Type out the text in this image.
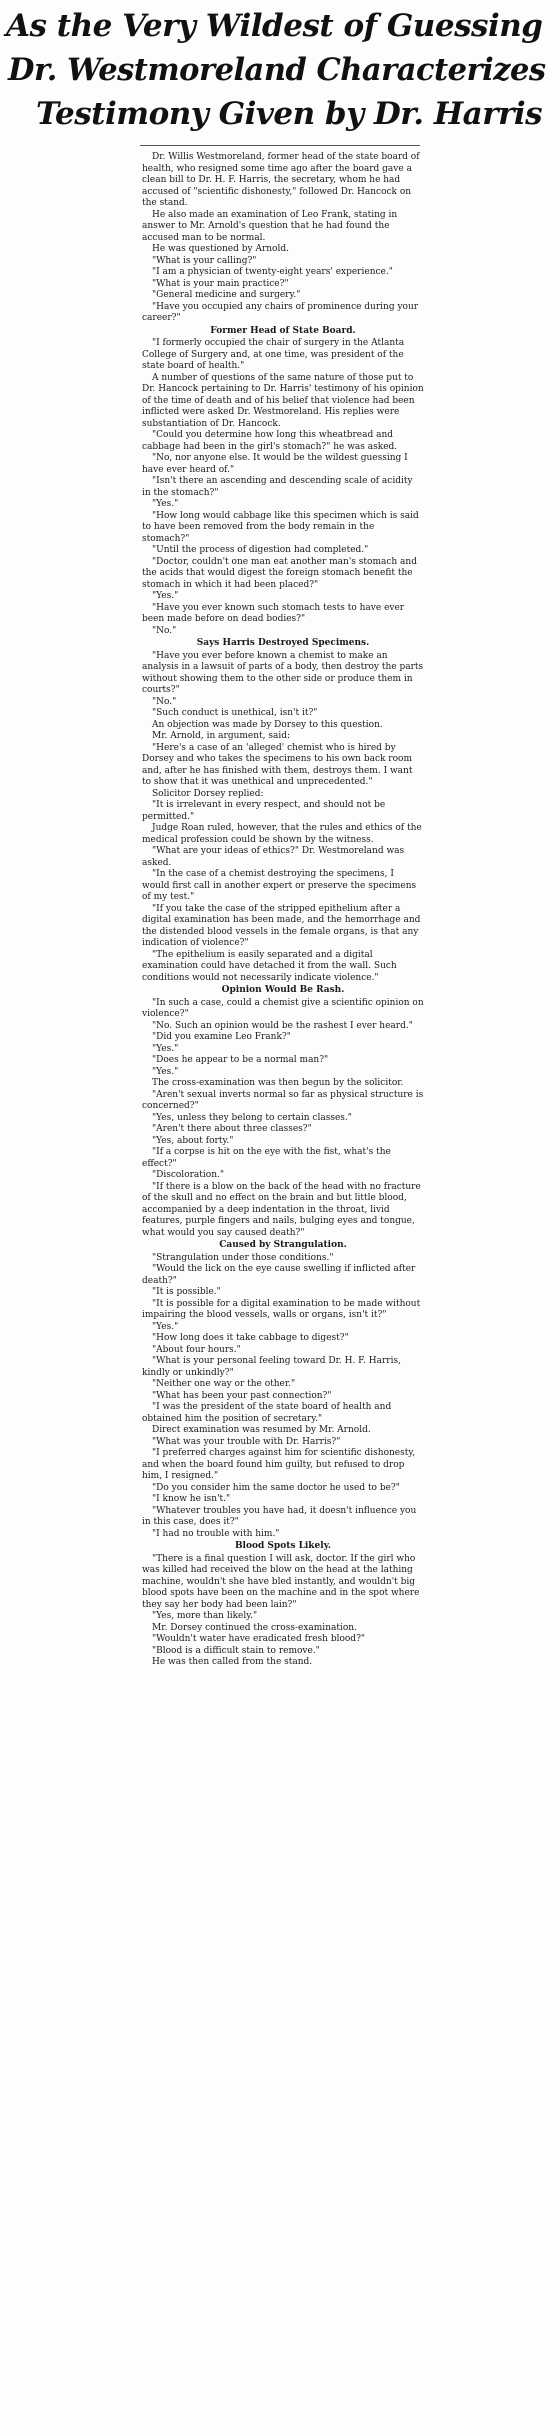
As the Very Wildest of Guessing
Dr. Westmoreland Characterizes
Testimony Given by Dr. Harris

Dr. Willis Westmoreland, former head of the state board of health, who resigned some time ago after the board gave a clean bill to Dr. H. F. Harris, the secretary, whom he had accused of "scientific dishonesty," followed Dr. Hancock on the stand.

He also made an examination of Leo Frank, stating in answer to Mr. Arnold's question that he had found the accused man to be normal.

He was questioned by Arnold.

"What is your calling?"

"I am a physician of twenty-eight years' experience."

"What is your main practice?"

"General medicine and surgery."

"Have you occupied any chairs of prominence during your career?"

Former Head of State Board.

"I formerly occupied the chair of surgery in the Atlanta College of Surgery and, at one time, was president of the state board of health."

A number of questions of the same nature of those put to Dr. Hancock pertaining to Dr. Harris' testimony of his opinion of the time of death and of his belief that violence had been inflicted were asked Dr. Westmoreland. His replies were substantiation of Dr. Hancock.

"Could you determine how long this wheatbread and cabbage had been in the girl's stomach?" he was asked.

"No, nor anyone else. It would be the wildest guessing I have ever heard of."

"Isn't there an ascending and descending scale of acidity in the stomach?"

"Yes."

"How long would cabbage like this specimen which is said to have been removed from the body remain in the stomach?"

"Until the process of digestion had completed."

"Doctor, couldn't one man eat another man's stomach and the acids that would digest the foreign stomach benefit the stomach in which it had been placed?"

"Yes."

"Have you ever known such stomach tests to have ever been made before on dead bodies?"

"No."

Says Harris Destroyed Specimens.

"Have you ever before known a chemist to make an analysis in a lawsuit of parts of a body, then destroy the parts without showing them to the other side or produce them in courts?"

"No."

"Such conduct is unethical, isn't it?"

An objection was made by Dorsey to this question.

Mr. Arnold, in argument, said:

"Here's a case of an 'alleged' chemist who is hired by Dorsey and who takes the specimens to his own back room and, after he has finished with them, destroys them. I want to show that it was unethical and unprecedented."

Solicitor Dorsey replied:

"It is irrelevant in every respect, and should not be permitted."

Judge Roan ruled, however, that the rules and ethics of the medical profession could be shown by the witness.

"What are your ideas of ethics?" Dr. Westmoreland was asked.

"In the case of a chemist destroying the specimens, I would first call in another expert or preserve the specimens of my test."

"If you take the case of the stripped epithelium after a digital examination has been made, and the hemorrhage and the distended blood vessels in the female organs, is that any indication of violence?"

"The epithelium is easily separated and a digital examination could have detached it from the wall. Such conditions would not necessarily indicate violence."

Opinion Would Be Rash.

"In such a case, could a chemist give a scientific opinion on violence?"

"No. Such an opinion would be the rashest I ever heard."

"Did you examine Leo Frank?"

"Yes."

"Does he appear to be a normal man?"

"Yes."

The cross-examination was then begun by the solicitor.

"Aren't sexual inverts normal so far as physical structure is concerned?"

"Yes, unless they belong to certain classes."

"Aren't there about three classes?"

"Yes, about forty."

"If a corpse is hit on the eye with the fist, what's the effect?"

"Discoloration."

"If there is a blow on the back of the head with no fracture of the skull and no effect on the brain and but little blood, accompanied by a deep indentation in the throat, livid features, purple fingers and nails, bulging eyes and tongue, what would you say caused death?"

Caused by Strangulation.

"Strangulation under those conditions."

"Would the lick on the eye cause swelling if inflicted after death?"

"It is possible."

"It is possible for a digital examination to be made without impairing the blood vessels, walls or organs, isn't it?"

"Yes."

"How long does it take cabbage to digest?"

"About four hours."

"What is your personal feeling toward Dr. H. F. Harris, kindly or unkindly?"

"Neither one way or the other."

"What has been your past connection?"

"I was the president of the state board of health and obtained him the position of secretary."

Direct examination was resumed by Mr. Arnold.

"What was your trouble with Dr. Harris?"

"I preferred charges against him for scientific dishonesty, and when the board found him guilty, but refused to drop him, I resigned."

"Do you consider him the same doctor he used to be?"

"I know he isn't."

"Whatever troubles you have had, it doesn't influence you in this case, does it?"

"I had no trouble with him."

Blood Spots Likely.

"There is a final question I will ask, doctor. If the girl who was killed had received the blow on the head at the lathing machine, wouldn't she have bled instantly, and wouldn't big blood spots have been on the machine and in the spot where they say her body had been lain?"

"Yes, more than likely."

Mr. Dorsey continued the cross-examination.

"Wouldn't water have eradicated fresh blood?"

"Blood is a difficult stain to remove."

He was then called from the stand.
